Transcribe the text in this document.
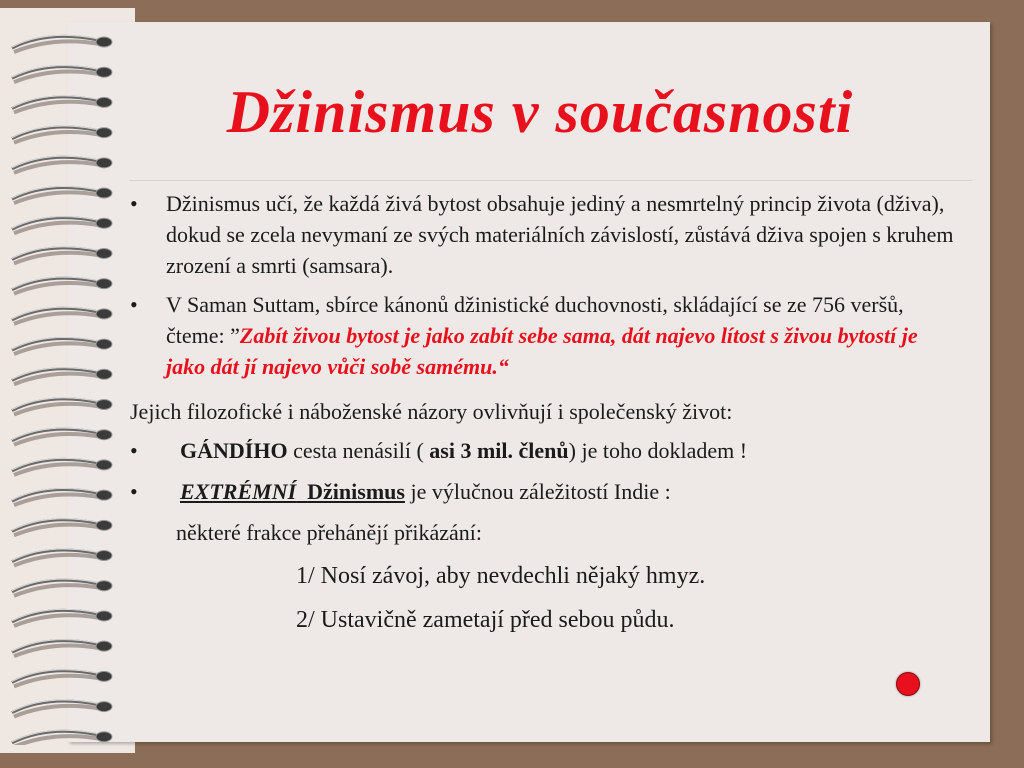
Džinismus v současnosti
•	Džinismus učí, že každá živá bytost obsahuje jediný a nesmrtelný princip života (dživa), dokud se zcela nevymaní ze svých materiálních závislostí, zůstává dživa spojen s kruhem zrození a smrti (samsara).
•	V Saman Suttam, sbírce kánonů džinistické duchovnosti, skládající se ze 756 veršů, čteme: ”Zabít živou bytost je jako zabít sebe sama, dát najevo lítost s živou bytostí je jako dát jí najevo vůči sobě samému.“
Jejich filozofické i náboženské názory ovlivňují i společenský život:
• GÁNDÍHO cesta nenásilí ( asi 3 mil. členů) je toho dokladem !
• EXTRÉMNÍ Džinismus je výlučnou záležitostí Indie :
některé frakce přehánějí přikázání:
1/ Nosí závoj, aby nevdechli nějaký hmyz.
2/ Ustavičně zametají před sebou půdu.
